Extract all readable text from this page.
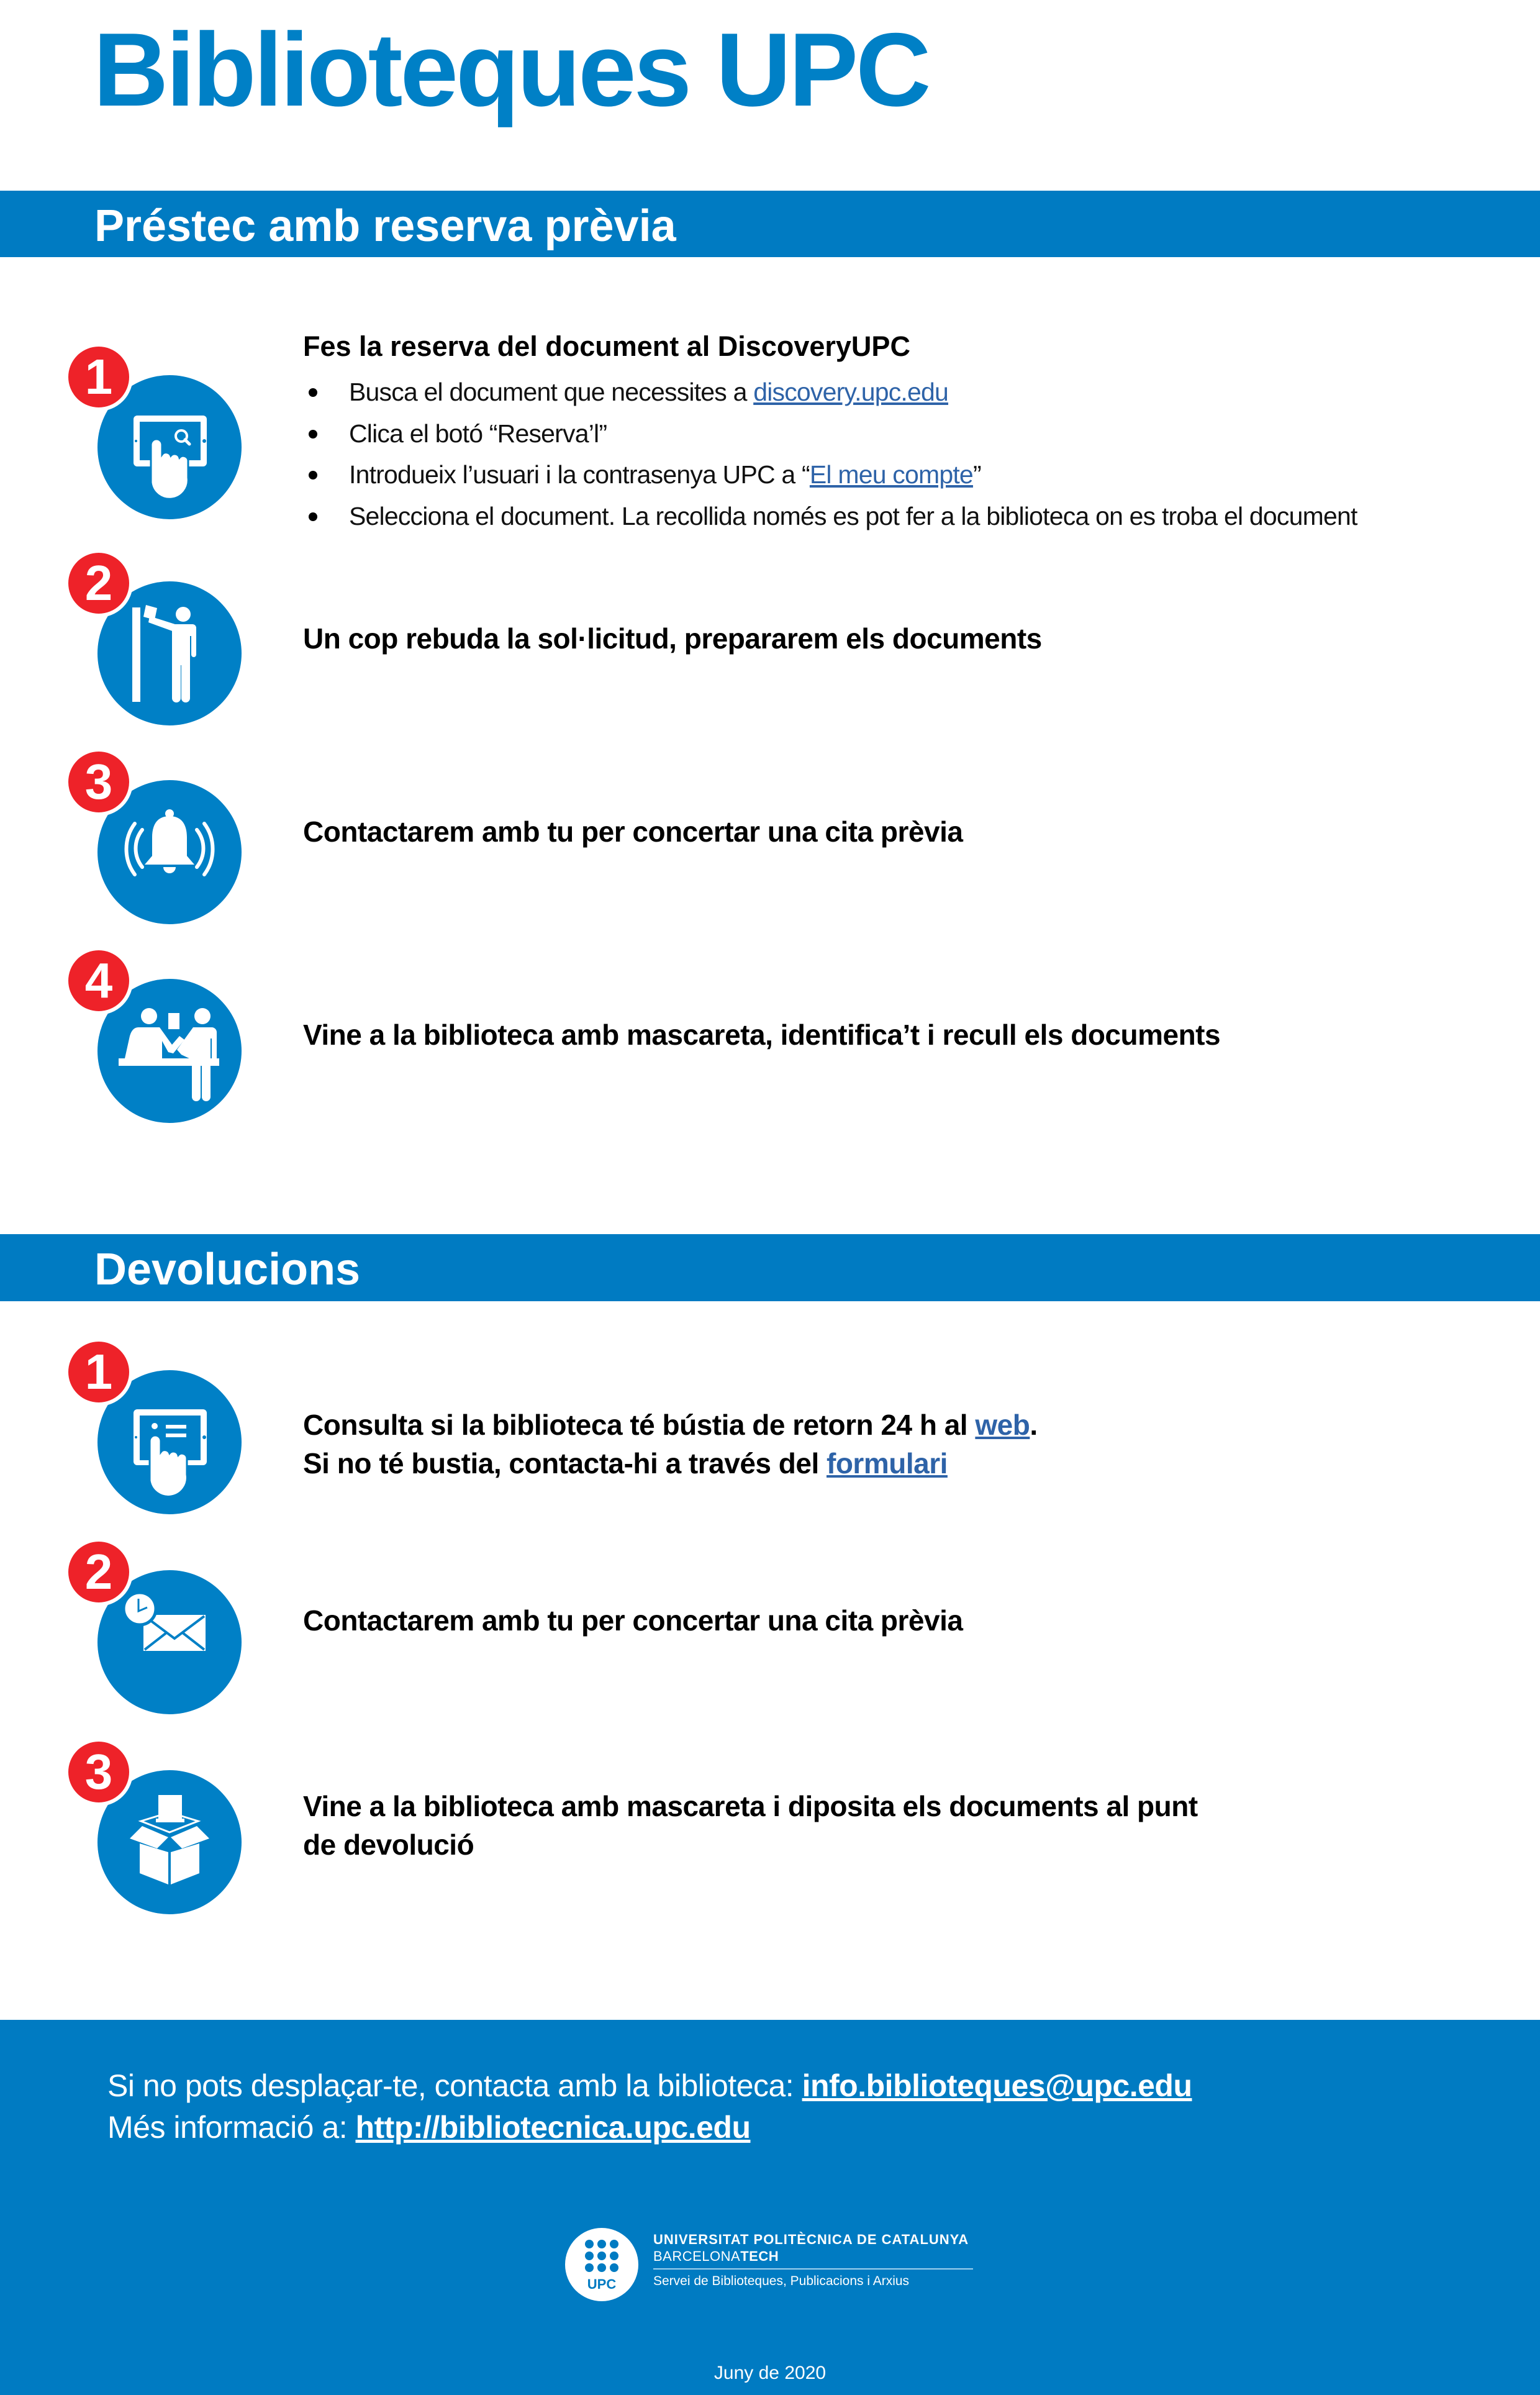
Biblioteques UPC
Préstec amb reserva prèvia
1
Fes la reserva del document al DiscoveryUPC
Busca el document que necessites a discovery.upc.edu
Clica el botó “Reserva’l”
Introdueix l’usuari i la contrasenya UPC a “El meu compte”
Selecciona el document. La recollida només es pot fer a la biblioteca on es troba el document
2
Un cop rebuda la sol·licitud, prepararem els documents
3
Contactarem amb tu per concertar una cita prèvia
4
Vine a la biblioteca amb mascareta, identifica’t i recull els documents
Devolucions
1
Consulta si la biblioteca té bústia de retorn 24 h al web.
Si no té bustia, contacta-hi a través del formulari
2
Contactarem amb tu per concertar una cita prèvia
3
Vine a la biblioteca amb mascareta i diposita els documents al punt
de devolució
Si no pots desplaçar-te, contacta amb la biblioteca: info.biblioteques@upc.edu
Més informació a: http://bibliotecnica.upc.edu
UPC
UNIVERSITAT POLITÈCNICA DE CATALUNYA
BARCELONATECH
Servei de Biblioteques, Publicacions i Arxius
Juny de 2020
